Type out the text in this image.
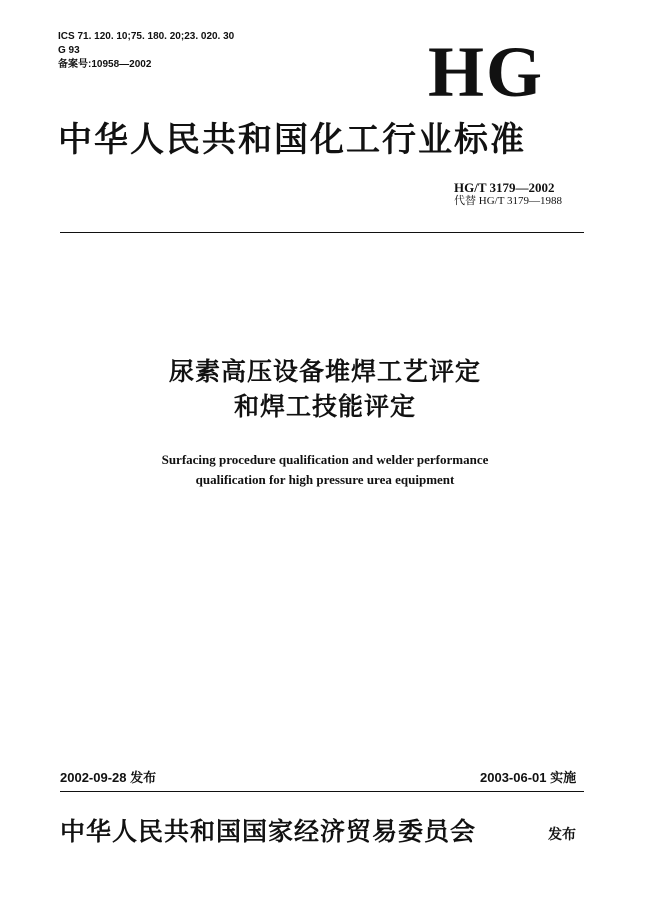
ICS 71. 120. 10;75. 180. 20;23. 020. 30
G 93
备案号:10958—2002	HG
中华人民共和国化工行业标准
HG/T 3179—2002
代替 HG/T 3179—1988
尿素高压设备堆焊工艺评定
和焊工技能评定
Surfacing procedure qualification and welder performance
qualification for high pressure urea equipment
2002-09-28 发布	2003-06-01 实施
中华人民共和国国家经济贸易委员会	发布
